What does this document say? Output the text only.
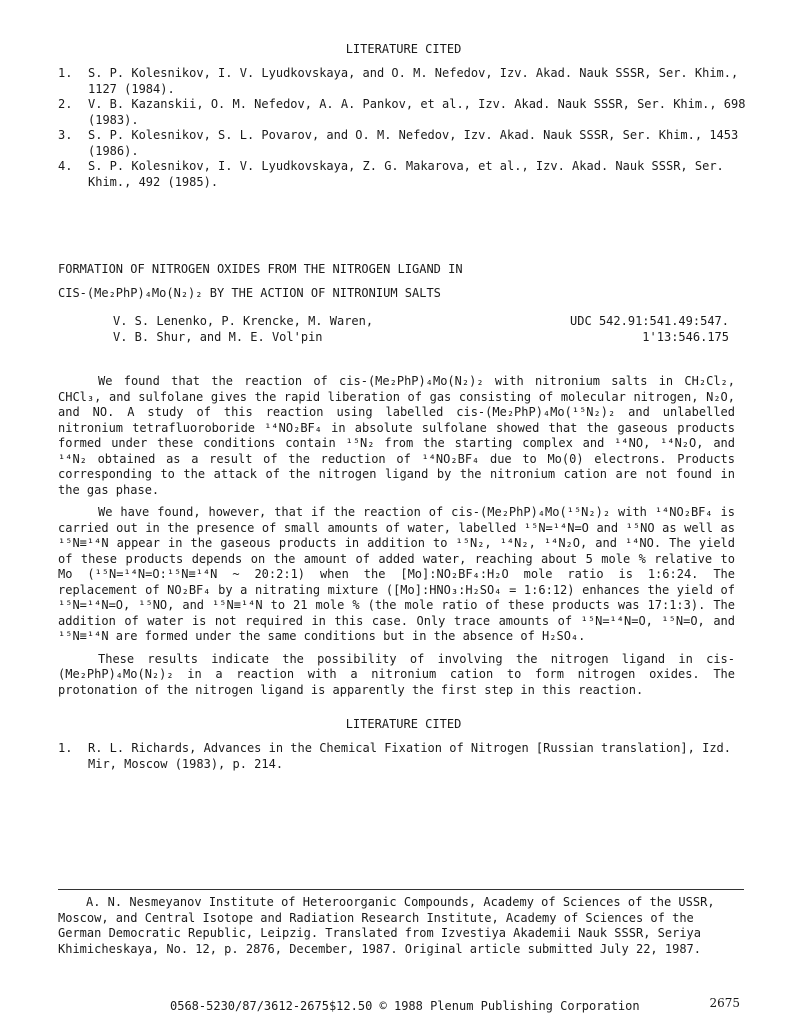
LITERATURE CITED
1. S. P. Kolesnikov, I. V. Lyudkovskaya, and O. M. Nefedov, Izv. Akad. Nauk SSSR, Ser. Khim., 1127 (1984).
2. V. B. Kazanskii, O. M. Nefedov, A. A. Pankov, et al., Izv. Akad. Nauk SSSR, Ser. Khim., 698 (1983).
3. S. P. Kolesnikov, S. L. Povarov, and O. M. Nefedov, Izv. Akad. Nauk SSSR, Ser. Khim., 1453 (1986).
4. S. P. Kolesnikov, I. V. Lyudkovskaya, Z. G. Makarova, et al., Izv. Akad. Nauk SSSR, Ser. Khim., 492 (1985).
FORMATION OF NITROGEN OXIDES FROM THE NITROGEN LIGAND IN
CIS-(Me₂PhP)₄Mo(N₂)₂ BY THE ACTION OF NITRONIUM SALTS
V. S. Lenenko, P. Krencke, M. Waren,
V. B. Shur, and M. E. Vol'pin
UDC 542.91:541.49:547.
1'13:546.175

We found that the reaction of cis-(Me₂PhP)₄Mo(N₂)₂ with nitronium salts in CH₂Cl₂, CHCl₃, and sulfolane gives the rapid liberation of gas consisting of molecular nitrogen, N₂O, and NO. A study of this reaction using labelled cis-(Me₂PhP)₄Mo(¹⁵N₂)₂ and unlabelled nitronium tetrafluoroboride ¹⁴NO₂BF₄ in absolute sulfolane showed that the gaseous products formed under these conditions contain ¹⁵N₂ from the starting complex and ¹⁴NO, ¹⁴N₂O, and ¹⁴N₂ obtained as a result of the reduction of ¹⁴NO₂BF₄ due to Mo(0) electrons. Products corresponding to the attack of the nitrogen ligand by the nitronium cation are not found in the gas phase.

We have found, however, that if the reaction of cis-(Me₂PhP)₄Mo(¹⁵N₂)₂ with ¹⁴NO₂BF₄ is carried out in the presence of small amounts of water, labelled ¹⁵N=¹⁴N=O and ¹⁵NO as well as ¹⁵N≡¹⁴N appear in the gaseous products in addition to ¹⁵N₂, ¹⁴N₂, ¹⁴N₂O, and ¹⁴NO. The yield of these products depends on the amount of added water, reaching about 5 mole % relative to Mo (¹⁵N=¹⁴N=O:¹⁵N≡¹⁴N ~ 20:2:1) when the [Mo]:NO₂BF₄:H₂O mole ratio is 1:6:24. The replacement of NO₂BF₄ by a nitrating mixture ([Mo]:HNO₃:H₂SO₄ = 1:6:12) enhances the yield of ¹⁵N=¹⁴N=O, ¹⁵NO, and ¹⁵N≡¹⁴N to 21 mole % (the mole ratio of these products was 17:1:3). The addition of water is not required in this case. Only trace amounts of ¹⁵N=¹⁴N=O, ¹⁵N=O, and ¹⁵N≡¹⁴N are formed under the same conditions but in the absence of H₂SO₄.

These results indicate the possibility of involving the nitrogen ligand in cis-(Me₂PhP)₄Mo(N₂)₂ in a reaction with a nitronium cation to form nitrogen oxides. The protonation of the nitrogen ligand is apparently the first step in this reaction.

LITERATURE CITED
1. R. L. Richards, Advances in the Chemical Fixation of Nitrogen [Russian translation], Izd. Mir, Moscow (1983), p. 214.

A. N. Nesmeyanov Institute of Heteroorganic Compounds, Academy of Sciences of the USSR, Moscow, and Central Isotope and Radiation Research Institute, Academy of Sciences of the German Democratic Republic, Leipzig. Translated from Izvestiya Akademii Nauk SSSR, Seriya Khimicheskaya, No. 12, p. 2876, December, 1987. Original article submitted July 22, 1987.

0568-5230/87/3612-2675$12.50 © 1988 Plenum Publishing Corporation	2675
